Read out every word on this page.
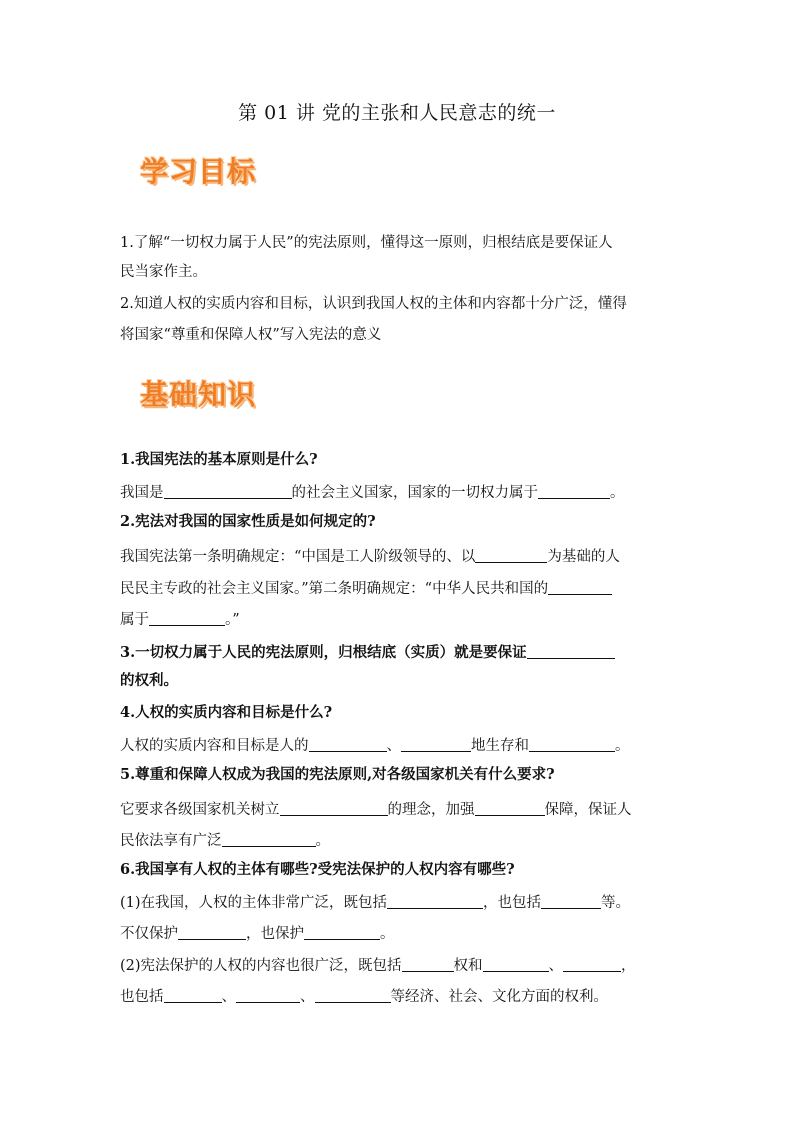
第 01 讲 党的主张和人民意志的统一
学习目标
1.了解“一切权力属于人民”的宪法原则，懂得这一原则，归根结底是要保证人
民当家作主。
2.知道人权的实质内容和目标，认识到我国人权的主体和内容都十分广泛，懂得
将国家“尊重和保障人权”写入宪法的意义
基础知识
1.我国宪法的基本原则是什么?
我国是	的社会主义国家，国家的一切权力属于	。
2.宪法对我国的国家性质是如何规定的?
我国宪法第一条明确规定：“中国是工人阶级领导的、以	为基础的人
民民主专政的社会主义国家。”第二条明确规定：“中华人民共和国的
属于	。”
3.一切权力属于人民的宪法原则，归根结底（实质）就是要保证
的权利。
4.人权的实质内容和目标是什么?
人权的实质内容和目标是人的	、	地生存和	。
5.尊重和保障人权成为我国的宪法原则,对各级国家机关有什么要求?
它要求各级国家机关树立	的理念，加强	保障，保证人
民依法享有广泛	。
6.我国享有人权的主体有哪些?受宪法保护的人权内容有哪些?
(1)在我国，人权的主体非常广泛，既包括	，也包括	等。
不仅保护	，也保护	。
(2)宪法保护的人权的内容也很广泛，既包括	权和	、	，
也包括	、	、	等经济、社会、文化方面的权利。
